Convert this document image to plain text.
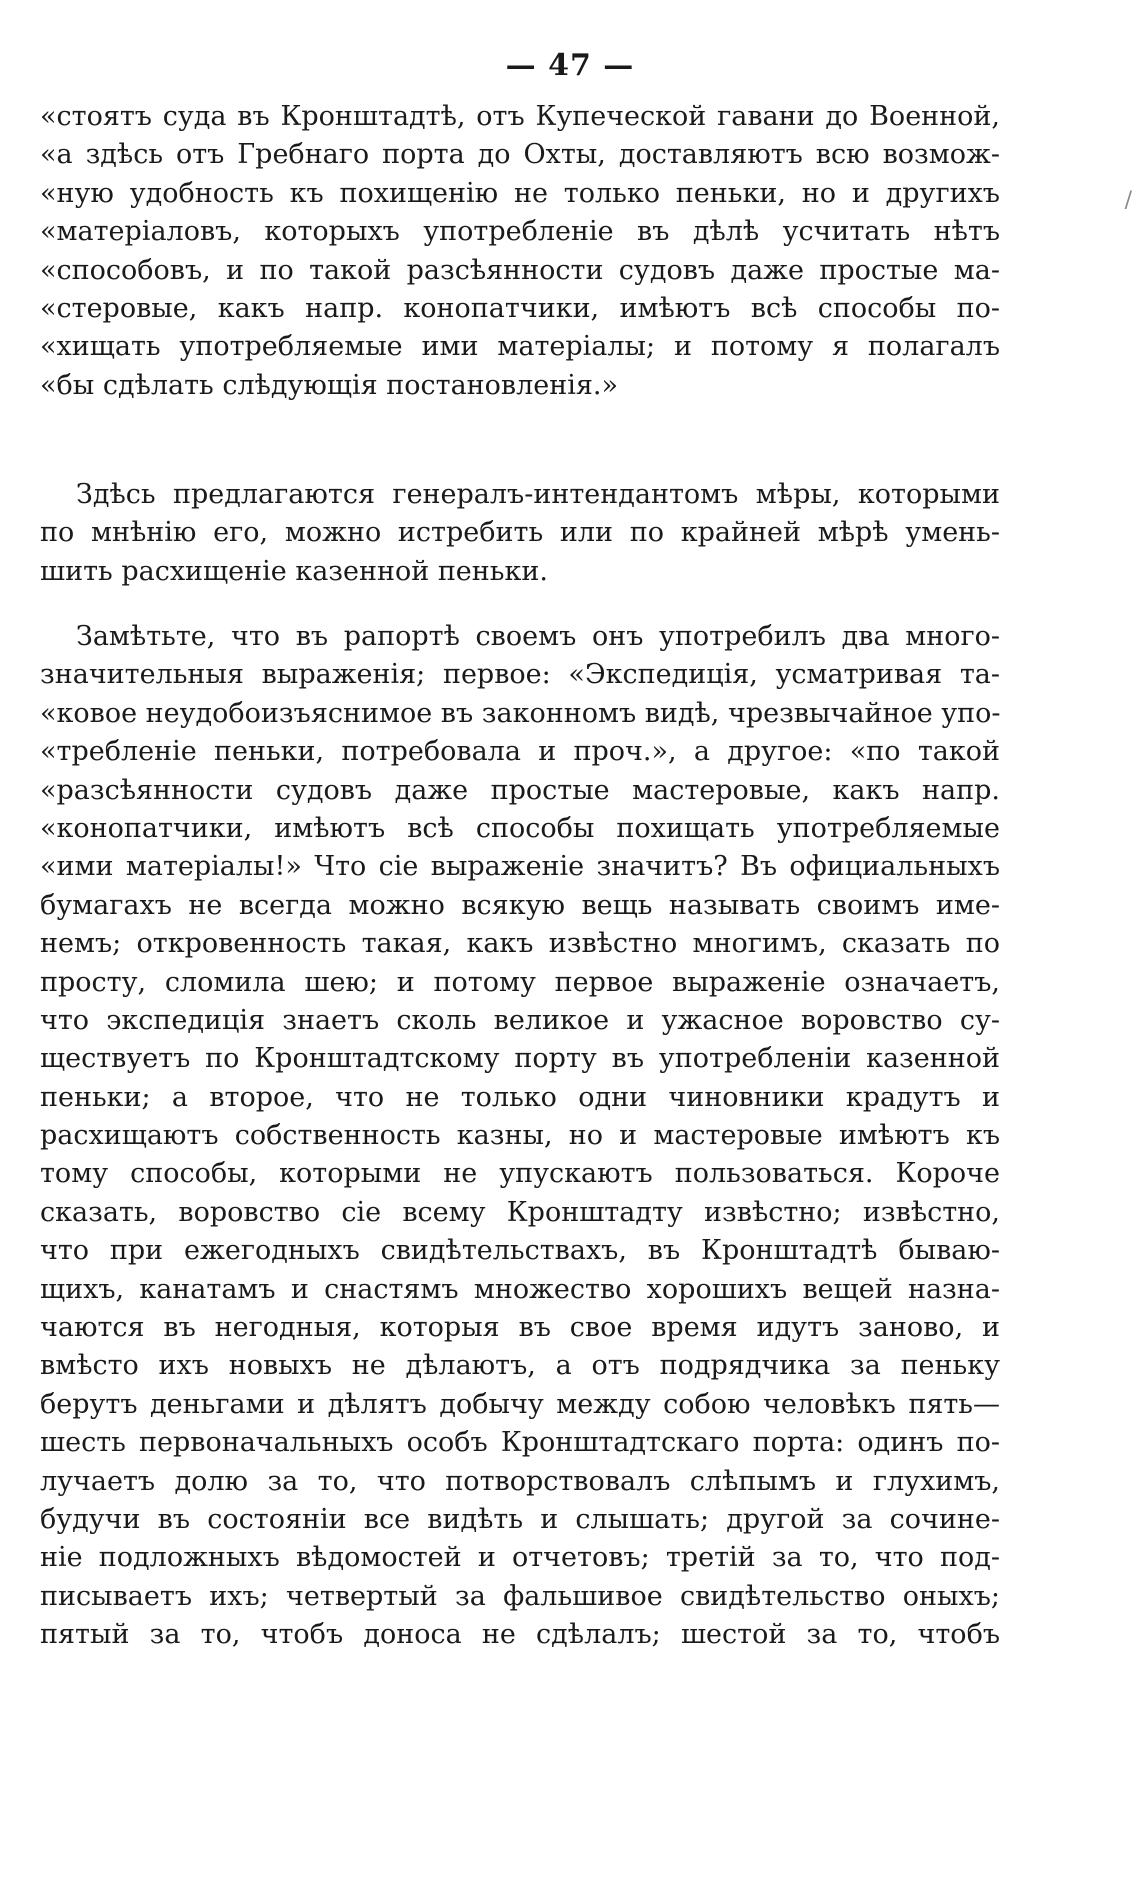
— 47 —
/
«стоятъ суда въ Кронштадтѣ, отъ Купеческой гавани до Военной,
«а здѣсь отъ Гребнаго порта до Охты, доставляютъ всю возмож-
«ную удобность къ похищенiю не только пеньки, но и другихъ
«матерiаловъ, которыхъ употребленiе въ дѣлѣ усчитать нѣтъ
«способовъ, и по такой разсѣянности судовъ даже простые ма-
«стеровые, какъ напр. конопатчики, имѣютъ всѣ способы по-
«хищать употребляемые ими матерiалы; и потому я полагалъ
«бы сдѣлать слѣдующiя постановленiя.»
Здѣсь предлагаются генералъ-интендантомъ мѣры, которыми
по мнѣнiю его, можно истребить или по крайней мѣрѣ умень-
шить расхищенiе казенной пеньки.
Замѣтьте, что въ рапортѣ своемъ онъ употребилъ два много-
значительныя выраженiя; первое: «Экспедицiя, усматривая та-
«ковое неудобоизъяснимое въ законномъ видѣ, чрезвычайное упо-
«требленiе пеньки, потребовала и проч.», а другое: «по такой
«разсѣянности судовъ даже простые мастеровые, какъ напр.
«конопатчики, имѣютъ всѣ способы похищать употребляемые
«ими матерiалы!» Что сiе выраженiе значитъ? Въ официальныхъ
бумагахъ не всегда можно всякую вещь называть своимъ име-
немъ; откровенность такая, какъ извѣстно многимъ, сказать по
просту, сломила шею; и потому первое выраженiе означаетъ,
что экспедицiя знаетъ сколь великое и ужасное воровство су-
ществуетъ по Кронштадтскому порту въ употребленiи казенной
пеньки; а второе, что не только одни чиновники крадутъ и
расхищаютъ собственность казны, но и мастеровые имѣютъ къ
тому способы, которыми не упускаютъ пользоваться. Короче
сказать, воровство сiе всему Кронштадту извѣстно; извѣстно,
что при ежегодныхъ свидѣтельствахъ, въ Кронштадтѣ бываю-
щихъ, канатамъ и снастямъ множество хорошихъ вещей назна-
чаются въ негодныя, которыя въ свое время идутъ заново, и
вмѣсто ихъ новыхъ не дѣлаютъ, а отъ подрядчика за пеньку
берутъ деньгами и дѣлятъ добычу между собою человѣкъ пять—
шесть первоначальныхъ особъ Кронштадтскаго порта: одинъ по-
лучаетъ долю за то, что потворствовалъ слѣпымъ и глухимъ,
будучи въ состоянiи все видѣть и слышать; другой за сочине-
нiе подложныхъ вѣдомостей и отчетовъ; третiй за то, что под-
писываетъ ихъ; четвертый за фальшивое свидѣтельство оныхъ;
пятый за то, чтобъ доноса не сдѣлалъ; шестой за то, чтобъ
